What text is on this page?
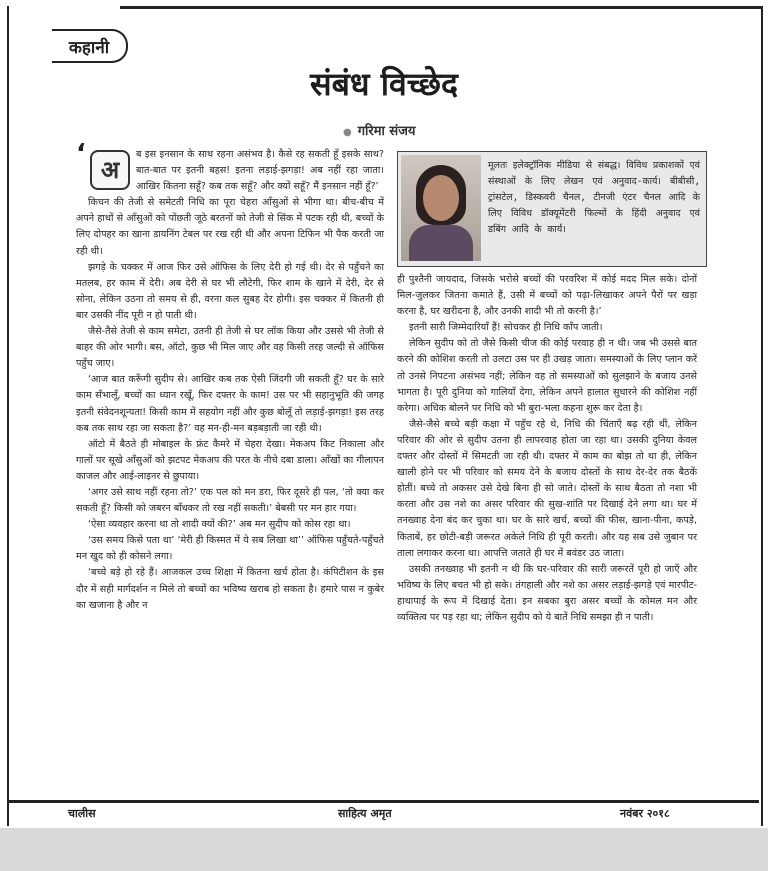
कहानी
संबंध विच्छेद
● गरिमा संजय

‘
अ
ब इस इनसान के साथ रहना असंभव है। कैसे रह सकती हूँ इसके साथ? बात-बात पर इतनी बहस! इतना लड़ाई-झगड़ा! अब नहीं रहा जाता। आखिर कितना सहूँ? कब तक सहूँ? और क्यों सहूँ? मैं इनसान नहीं हूँ?’

किचन की तेजी से समेटती निधि का पूरा चेहरा आँसुओं से भीगा था। बीच-बीच में अपने हाथों से आँसुओं को पोंछती जूठे बरतनों को तेजी से सिंक में पटक रही थी, बच्चों के लिए दोपहर का खाना डायनिंग टेबल पर रख रही थी और अपना टिफिन भी पैक करती जा रही थी।

झगड़े के चक्कर में आज फिर उसे ऑफिस के लिए देरी हो गई थी। देर से पहुँचने का मतलब, हर काम में देरी। अब देरी से घर भी लौटेगी, फिर शाम के खाने में देरी, देर से सोना, लेकिन उठना तो समय से ही, वरना कल सुबह देर होगी। इस चक्कर में कितनी ही बार उसकी नींद पूरी न हो पाती थी।

जैसे-तैसे तेजी से काम समेटा, उतनी ही तेजी से घर लॉक किया और उससे भी तेजी से बाहर की ओर भागी। बस, ऑटो, कुछ भी मिल जाए और वह किसी तरह जल्दी से ऑफिस पहुँच जाए।

‘आज बात करूँगी सुदीप से। आखिर कब तक ऐसी जिंदगी जी सकती हूँ? घर के सारे काम सँभालूँ, बच्चों का ध्यान रखूँ, फिर दफ्तर के काम! उस पर भी सहानुभूति की जगह इतनी संवेदनशून्यता! किसी काम में सहयोग नहीं और कुछ बोलूँ तो लड़ाई-झगड़ा! इस तरह कब तक साथ रहा जा सकता है?’ वह मन-ही-मन बड़बड़ाती जा रही थी।

ऑटो में बैठते ही मोबाइल के फ्रंट कैमरे में चेहरा देखा। मेकअप किट निकाला और गालों पर सूखे आँसुओं को झटपट मेकअप की परत के नीचे दबा डाला। आँखों का गीलापन काजल और आई-लाइनर से छुपाया।

‘अगर उसे साथ नहीं रहना तो?’ एक पल को मन डरा, फिर दूसरे ही पल, ‘तो क्या कर सकती हूँ? किसी को जबरन बाँधकर तो रख नहीं सकती।’ बेबसी पर मन हार गया।

‘ऐसा व्यवहार करना था तो शादी क्यों की?’ अब मन सुदीप को कोस रहा था।

‘उस समय किसे पता था’ ‘मेरी ही किस्मत में ये सब लिखा था’’ ऑफिस पहुँचते-पहुँचते मन खुद को ही कोसने लगा।

‘बच्चे बड़े हो रहे हैं। आजकल उच्च शिक्षा में कितना खर्च होता है। कंपिटीशन के इस दौर में सही मार्गदर्शन न मिले तो बच्चों का भविष्य खराब हो सकता है। हमारे पास न कुबेर का खजाना है और न

मूलतः इलेक्ट्रॉनिक मीडिया से संबद्ध। विविध प्रकाशकों एवं संस्थाओं के लिए लेखन एवं अनुवाद-कार्य। बीबीसी, ट्रांसटेल, डिस्कवरी चैनल, टीनजी एंटर चैनल आदि के लिए विविध डॉक्यूमेंटरी फिल्मों के हिंदी अनुवाद एवं डबिंग आदि के कार्य।

ही पुश्तैनी जायदाद, जिसके भरोसे बच्चों की परवरिश में कोई मदद मिल सके। दोनों मिल-जुलकर जितना कमाते हैं, उसी में बच्चों को पढ़ा-लिखाकर अपने पैरों पर खड़ा करना है, घर खरीदना है, और उनकी शादी भी तो करनी है।’

इतनी सारी जिम्मेदारियाँ हैं! सोचकर ही निधि काँप जाती।

लेकिन सुदीप को तो जैसे किसी चीज की कोई परवाह ही न थी। जब भी उससे बात करने की कोशिश करती तो उलटा उस पर ही उखड़ जाता। समस्याओं के लिए प्लान करें तो उनसे निपटना असंभव नहीं; लेकिन वह तो समस्याओं को सुलझाने के बजाय उनसे भागता है। पूरी दुनिया को गालियाँ देगा, लेकिन अपने हालात सुधारने की कोशिश नहीं करेगा। अधिक बोलने पर निधि को भी बुरा-भला कहना शुरू कर देता है।

जैसे-जैसे बच्चे बड़ी कक्षा में पहुँच रहे थे, निधि की चिंताएँ बढ़ रही थीं, लेकिन परिवार की ओर से सुदीप उतना ही लापरवाह होता जा रहा था। उसकी दुनिया केवल दफ्तर और दोस्तों में सिमटती जा रही थी। दफ्तर में काम का बोझ तो था ही, लेकिन खाली होने पर भी परिवार को समय देने के बजाय दोस्तों के साथ देर-देर तक बैठकें होतीं। बच्चे तो अकसर उसे देखे बिना ही सो जाते। दोस्तों के साथ बैठता तो नशा भी करता और उस नशे का असर परिवार की सुख-शांति पर दिखाई देने लगा था। घर में तनख्वाह देना बंद कर चुका था। घर के सारे खर्च, बच्चों की फीस, खाना-पीना, कपड़े, किताबें, हर छोटी-बड़ी जरूरत अकेले निधि ही पूरी करती। और यह सब उसे जुबान पर ताला लगाकर करना था। आपत्ति जताते ही घर में बवंडर उठ जाता।

उसकी तनख्वाह भी इतनी न थी कि घर-परिवार की सारी जरूरतें पूरी हो जाएँ और भविष्य के लिए बचत भी हो सके। तंगहाली और नशे का असर लड़ाई-झगड़े एवं मारपीट-हाथापाई के रूप में दिखाई देता। इन सबका बुरा असर बच्चों के कोमल मन और व्यक्तित्व पर पड़ रहा था; लेकिन सुदीप को ये बातें निधि समझा ही न पाती।

चालीस	साहित्य अमृत	नवंबर २०१८
